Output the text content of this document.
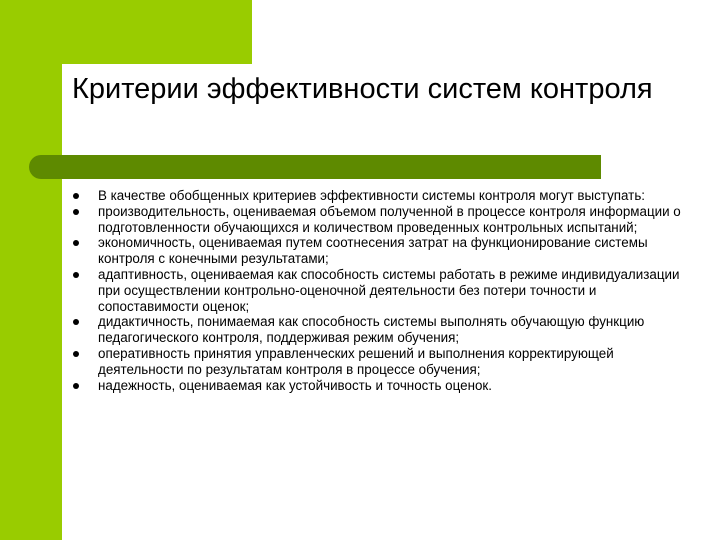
Критерии эффективности систем контроля
В качестве обобщенных критериев эффективности системы контроля могут выступать:
производительность, оцениваемая объемом полученной в процессе контроля информации о подготовленности обучающихся и количеством проведенных контрольных испытаний;
экономичность, оцениваемая путем соотнесения затрат на функционирование системы контроля с конечными результатами;
адаптивность, оцениваемая как способность системы работать в режиме индивидуализации при осуществлении контрольно-оценочной деятельности без потери точности и сопоставимости оценок;
дидактичность, понимаемая как способность системы выполнять обучающую функцию педагогического контроля, поддерживая режим обучения;
оперативность принятия управленческих решений и выполнения корректирующей деятельности по результатам контроля в процессе обучения;
надежность, оцениваемая как устойчивость и точность оценок.
